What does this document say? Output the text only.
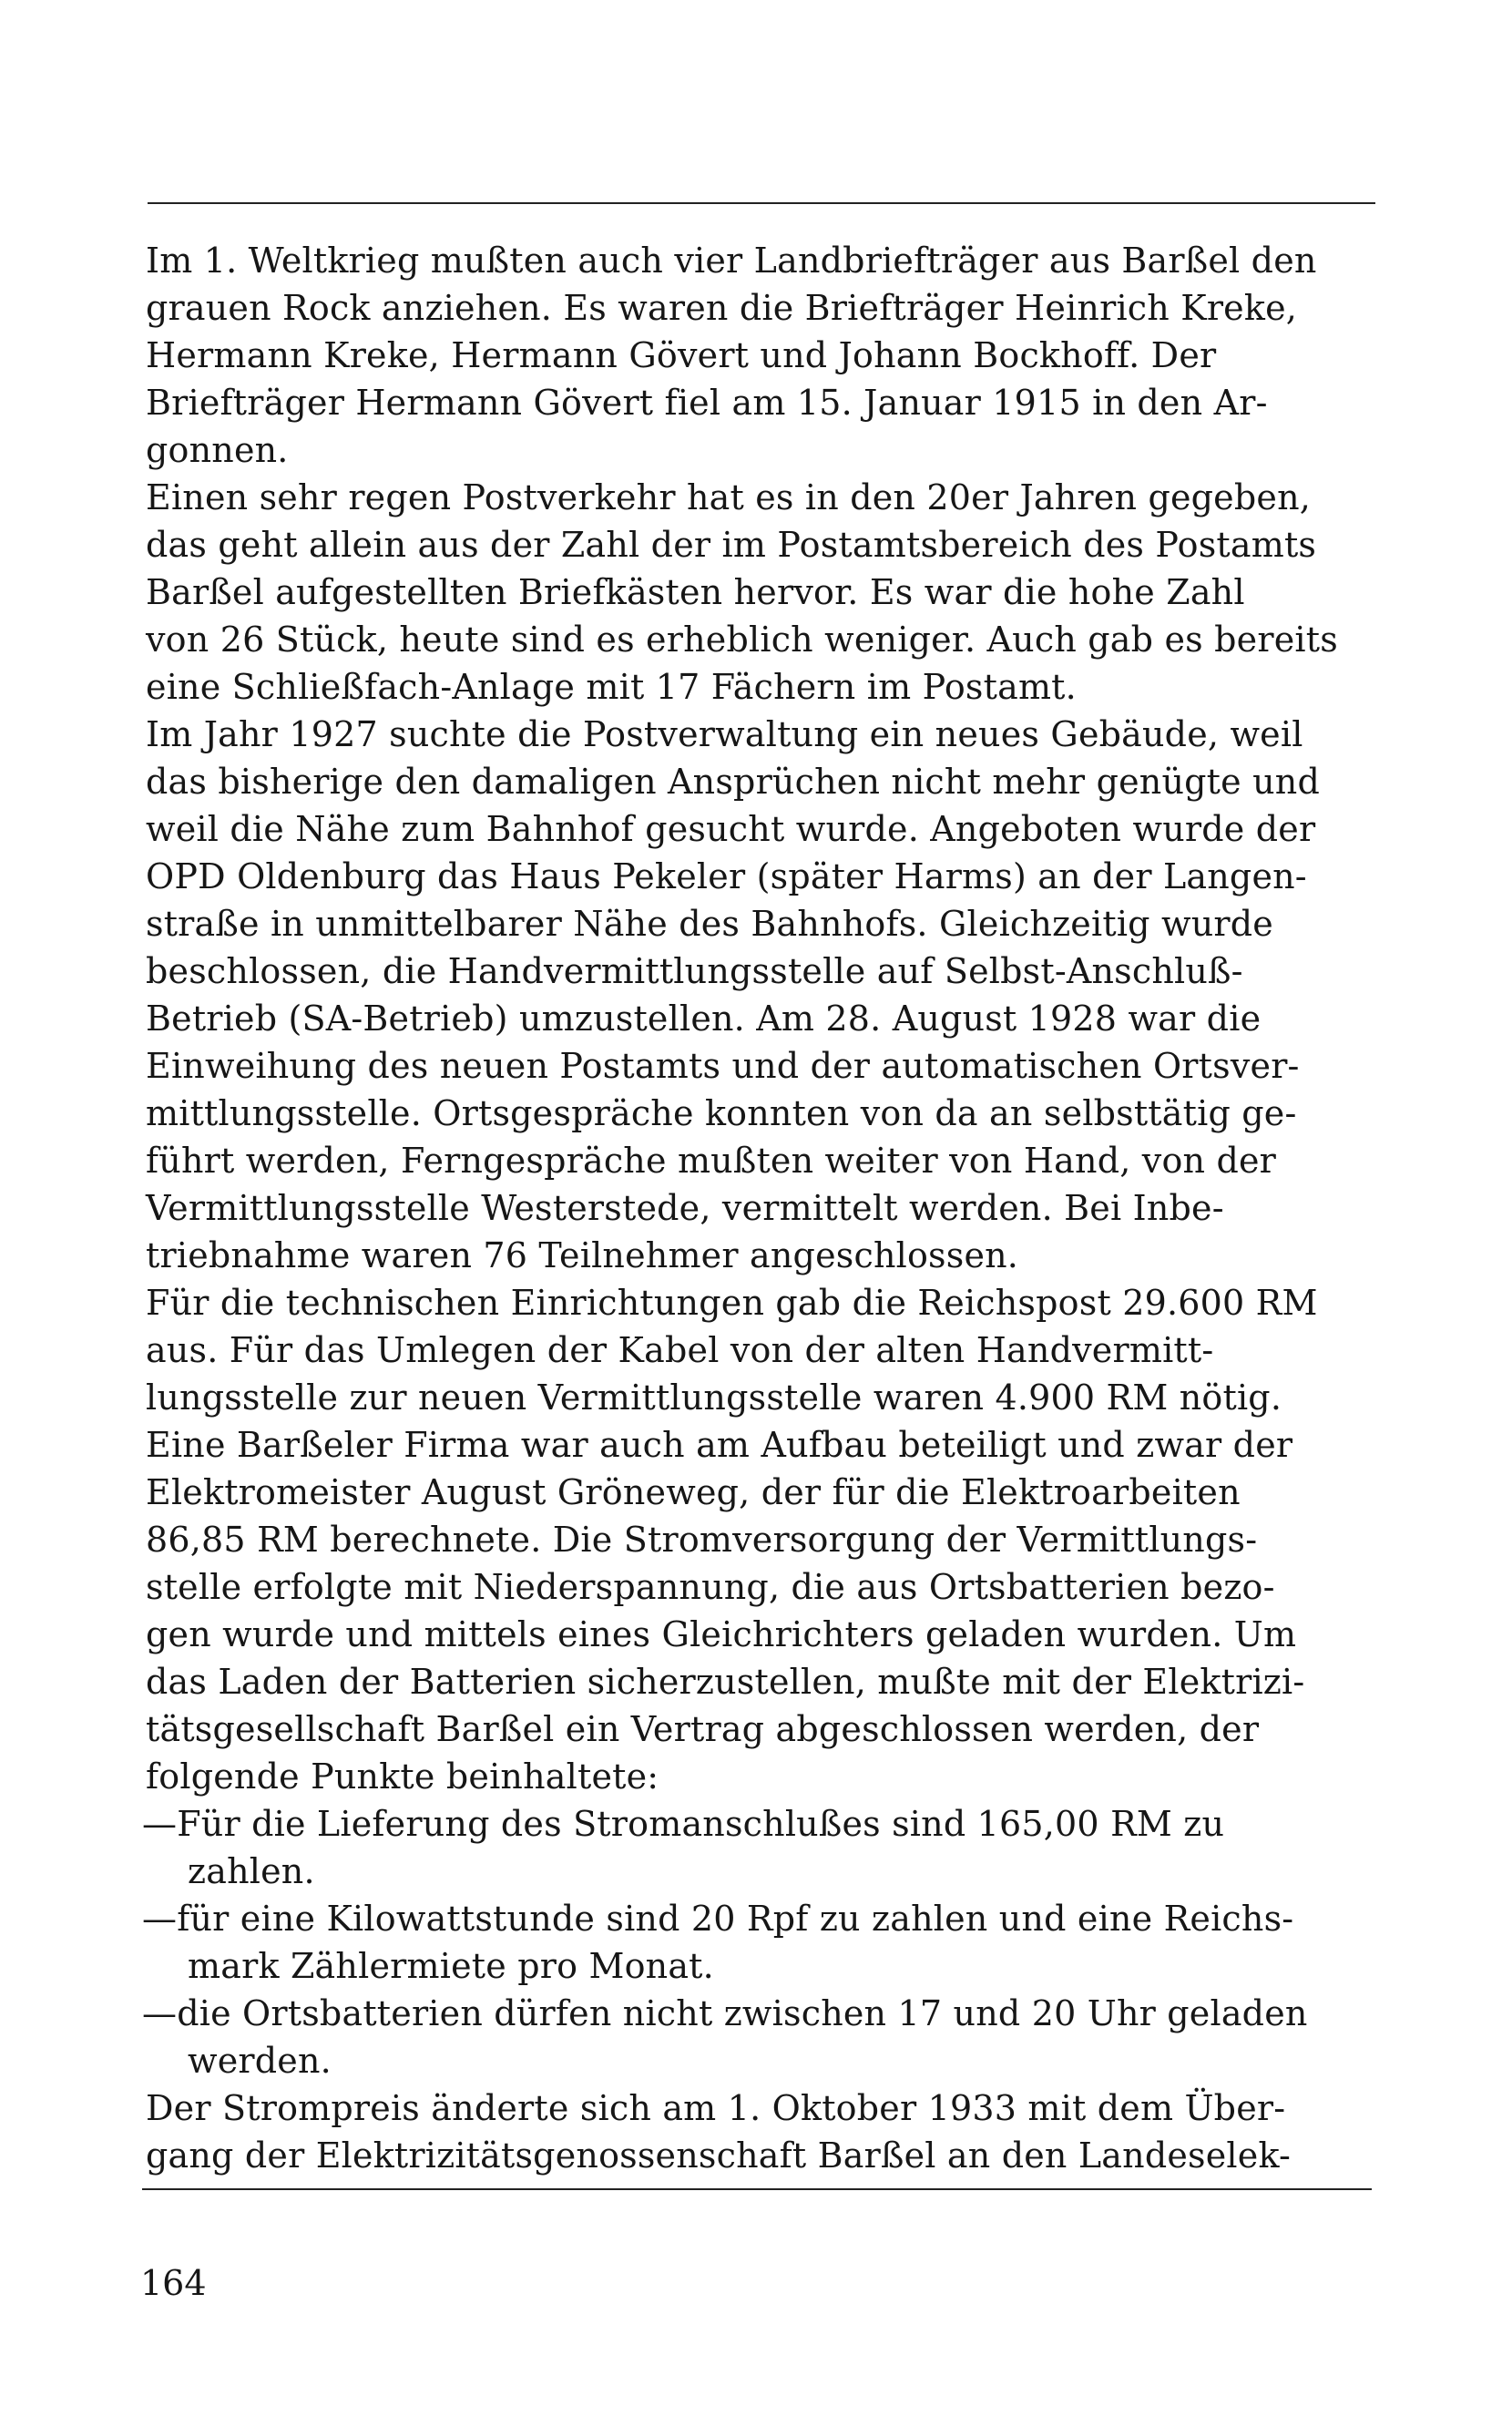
Im 1. Weltkrieg mußten auch vier Landbriefträger aus Barßel den
grauen Rock anziehen. Es waren die Briefträger Heinrich Kreke,
Hermann Kreke, Hermann Gövert und Johann Bockhoff. Der
Briefträger Hermann Gövert fiel am 15. Januar 1915 in den Ar-
gonnen.
Einen sehr regen Postverkehr hat es in den 20er Jahren gegeben,
das geht allein aus der Zahl der im Postamtsbereich des Postamts
Barßel aufgestellten Briefkästen hervor. Es war die hohe Zahl
von 26 Stück, heute sind es erheblich weniger. Auch gab es bereits
eine Schließfach-Anlage mit 17 Fächern im Postamt.
Im Jahr 1927 suchte die Postverwaltung ein neues Gebäude, weil
das bisherige den damaligen Ansprüchen nicht mehr genügte und
weil die Nähe zum Bahnhof gesucht wurde. Angeboten wurde der
OPD Oldenburg das Haus Pekeler (später Harms) an der Langen-
straße in unmittelbarer Nähe des Bahnhofs. Gleichzeitig wurde
beschlossen, die Handvermittlungsstelle auf Selbst-Anschluß-
Betrieb (SA-Betrieb) umzustellen. Am 28. August 1928 war die
Einweihung des neuen Postamts und der automatischen Ortsver-
mittlungsstelle. Ortsgespräche konnten von da an selbsttätig ge-
führt werden, Ferngespräche mußten weiter von Hand, von der
Vermittlungsstelle Westerstede, vermittelt werden. Bei Inbe-
triebnahme waren 76 Teilnehmer angeschlossen.
Für die technischen Einrichtungen gab die Reichspost 29.600 RM
aus. Für das Umlegen der Kabel von der alten Handvermitt-
lungsstelle zur neuen Vermittlungsstelle waren 4.900 RM nötig.
Eine Barßeler Firma war auch am Aufbau beteiligt und zwar der
Elektromeister August Gröneweg, der für die Elektroarbeiten
86,85 RM berechnete. Die Stromversorgung der Vermittlungs-
stelle erfolgte mit Niederspannung, die aus Ortsbatterien bezo-
gen wurde und mittels eines Gleichrichters geladen wurden. Um
das Laden der Batterien sicherzustellen, mußte mit der Elektrizi-
tätsgesellschaft Barßel ein Vertrag abgeschlossen werden, der
folgende Punkte beinhaltete:
—Für die Lieferung des Stromanschlußes sind 165,00 RM zu
zahlen.
—für eine Kilowattstunde sind 20 Rpf zu zahlen und eine Reichs-
mark Zählermiete pro Monat.
—die Ortsbatterien dürfen nicht zwischen 17 und 20 Uhr geladen
werden.
Der Strompreis änderte sich am 1. Oktober 1933 mit dem Über-
gang der Elektrizitätsgenossenschaft Barßel an den Landeselek-
164
